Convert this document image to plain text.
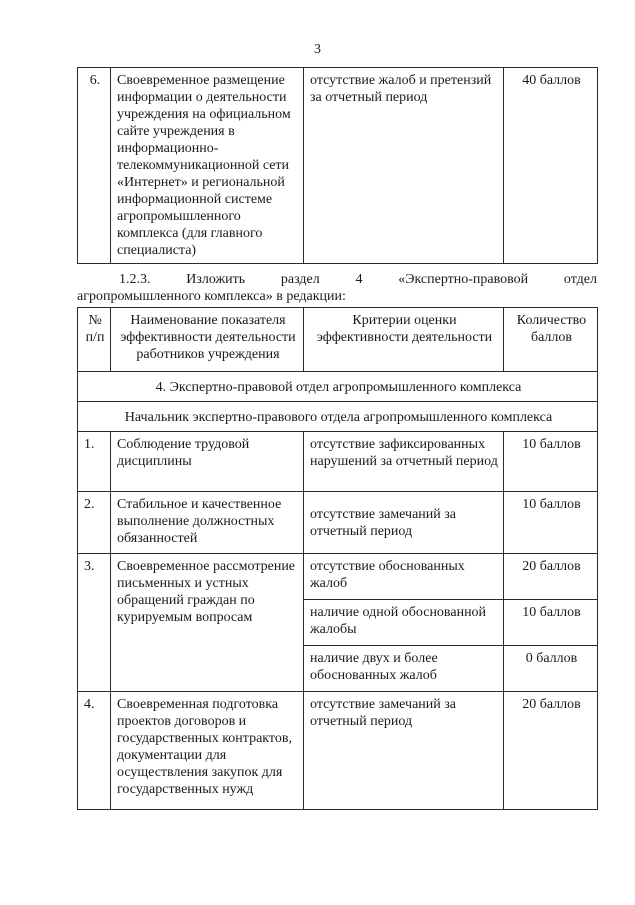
3
6.	Своевременное размещение информации о деятельности учреждения на официальном сайте учреждения в информационно-телекоммуникационной сети «Интернет» и региональной информационной системе агропромышленного комплекса (для главного специалиста)	отсутствие жалоб и претензий за отчетный период	40 баллов
1.2.3.	Изложить	раздел	4	«Экспертно-правовой	отдел
агропромышленного комплекса» в редакции:
№ п/п	Наименование показателя эффективности деятельности работников учреждения	Критерии оценки эффективности деятельности	Количество баллов
4. Экспертно-правовой отдел агропромышленного комплекса			
Начальник экспертно-правового отдела агропромышленного комплекса			
1.	Соблюдение трудовой дисциплины	отсутствие зафиксированных нарушений за отчетный период	10 баллов
2.	Стабильное и качественное выполнение должностных обязанностей	отсутствие замечаний за отчетный период	10 баллов
3.	Своевременное рассмотрение письменных и устных обращений граждан по курируемым вопросам	отсутствие обоснованных жалоб	20 баллов
		наличие одной обоснованной жалобы	10 баллов
		наличие двух и более обоснованных жалоб	0 баллов
4.	Своевременная подготовка проектов договоров и государственных контрактов, документации для осуществления закупок для государственных нужд	отсутствие замечаний за отчетный период	20 баллов
